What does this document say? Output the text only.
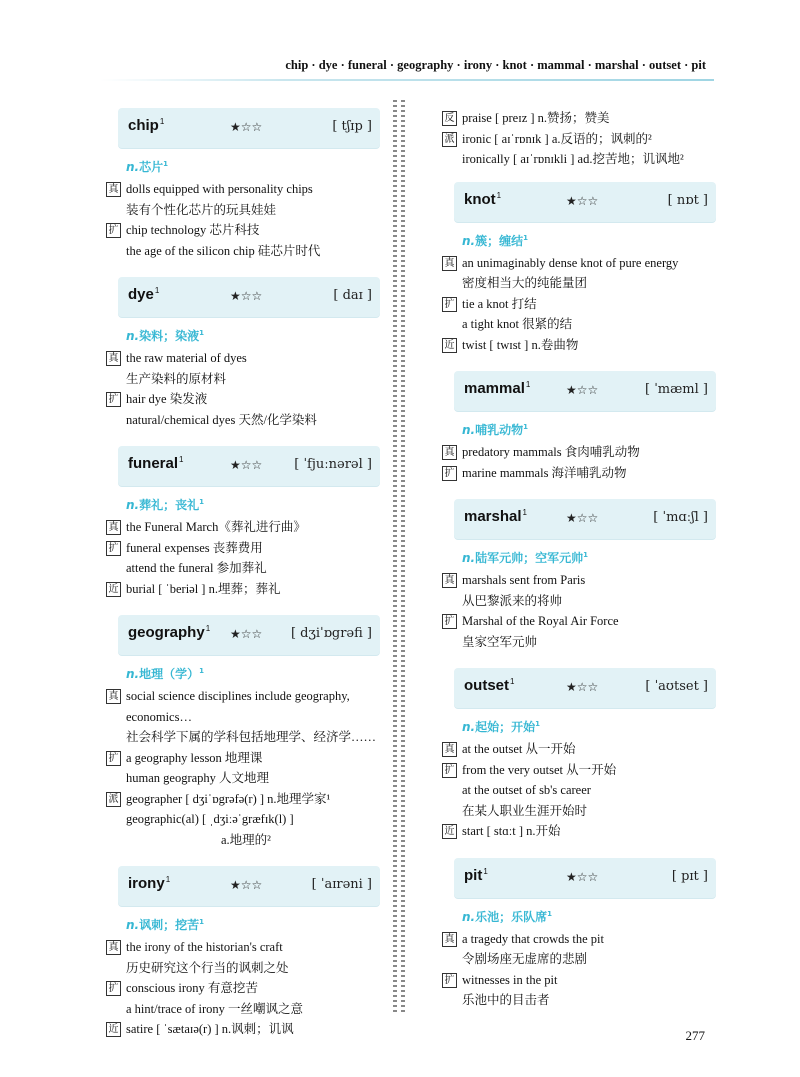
chip · dye · funeral · geography · irony · knot · mammal · marshal · outset · pit
chip$^1$	★☆☆	[ tʃɪp ]
n.芯片$^1$
真 dolls equipped with personality chips
装有个性化芯片的玩具娃娃
扩 chip technology 芯片科技
the age of the silicon chip 硅芯片时代
dye$^1$	★☆☆	[ daɪ ]
n.染料；染液$^1$
真 the raw material of dyes
生产染料的原材料
扩 hair dye 染发液
natural/chemical dyes 天然/化学染料
funeral$^1$	★☆☆ [ ˈfjuːnərəl ]
n.葬礼；丧礼$^1$
真 the Funeral March《葬礼进行曲》
扩 funeral expenses 丧葬费用
attend the funeral 参加葬礼
近 burial [ ˈberiəl ] n.埋葬；葬礼
geography$^1$ ★☆☆ [ dʒiˈɒgrəfi ]
n.地理（学）$^1$
真 social science disciplines include geography,
economics…
社会科学下属的学科包括地理学、经济学……
扩 a geography lesson 地理课
human geography 人文地理
派 geographer [ dʒiˈɒgrəfə(r) ] n.地理学家¹
geographic(al) [ ˌdʒiːəˈgræfɪk(l) ]
a.地理的²
irony$^1$	★☆☆	[ ˈaɪrəni ]
n.讽刺；挖苦$^1$
真 the irony of the historian's craft
历史研究这个行当的讽刺之处
扩 conscious irony 有意挖苦
a hint/trace of irony 一丝嘲讽之意
近 satire [ ˈsætaɪə(r) ] n.讽刺；讥讽
反 praise [ preɪz ] n.赞扬；赞美
派 ironic [ aɪˈrɒnɪk ] a.反语的；讽刺的²
ironically [ aɪˈrɒnɪkli ] ad.挖苦地；讥讽地²
knot$^1$	★☆☆	[ nɒt ]
n.簇；缠结$^1$
真 an unimaginably dense knot of pure energy
密度相当大的纯能量团
扩 tie a knot 打结
a tight knot 很紧的结
近 twist [ twɪst ] n.卷曲物
mammal$^1$	★☆☆	[ ˈmæml ]
n.哺乳动物$^1$
真 predatory mammals 食肉哺乳动物
扩 marine mammals 海洋哺乳动物
marshal$^1$	★☆☆	[ ˈmɑːʃl ]
n.陆军元帅；空军元帅$^1$
真 marshals sent from Paris
从巴黎派来的将帅
扩 Marshal of the Royal Air Force
皇家空军元帅
outset$^1$	★☆☆	[ ˈaʊtset ]
n.起始；开始$^1$
真 at the outset 从一开始
扩 from the very outset 从一开始
at the outset of sb's career
在某人职业生涯开始时
近 start [ stɑːt ] n.开始
pit$^1$	★☆☆	[ pɪt ]
n.乐池；乐队席$^1$
真 a tragedy that crowds the pit
令剧场座无虚席的悲剧
扩 witnesses in the pit
乐池中的目击者
277
